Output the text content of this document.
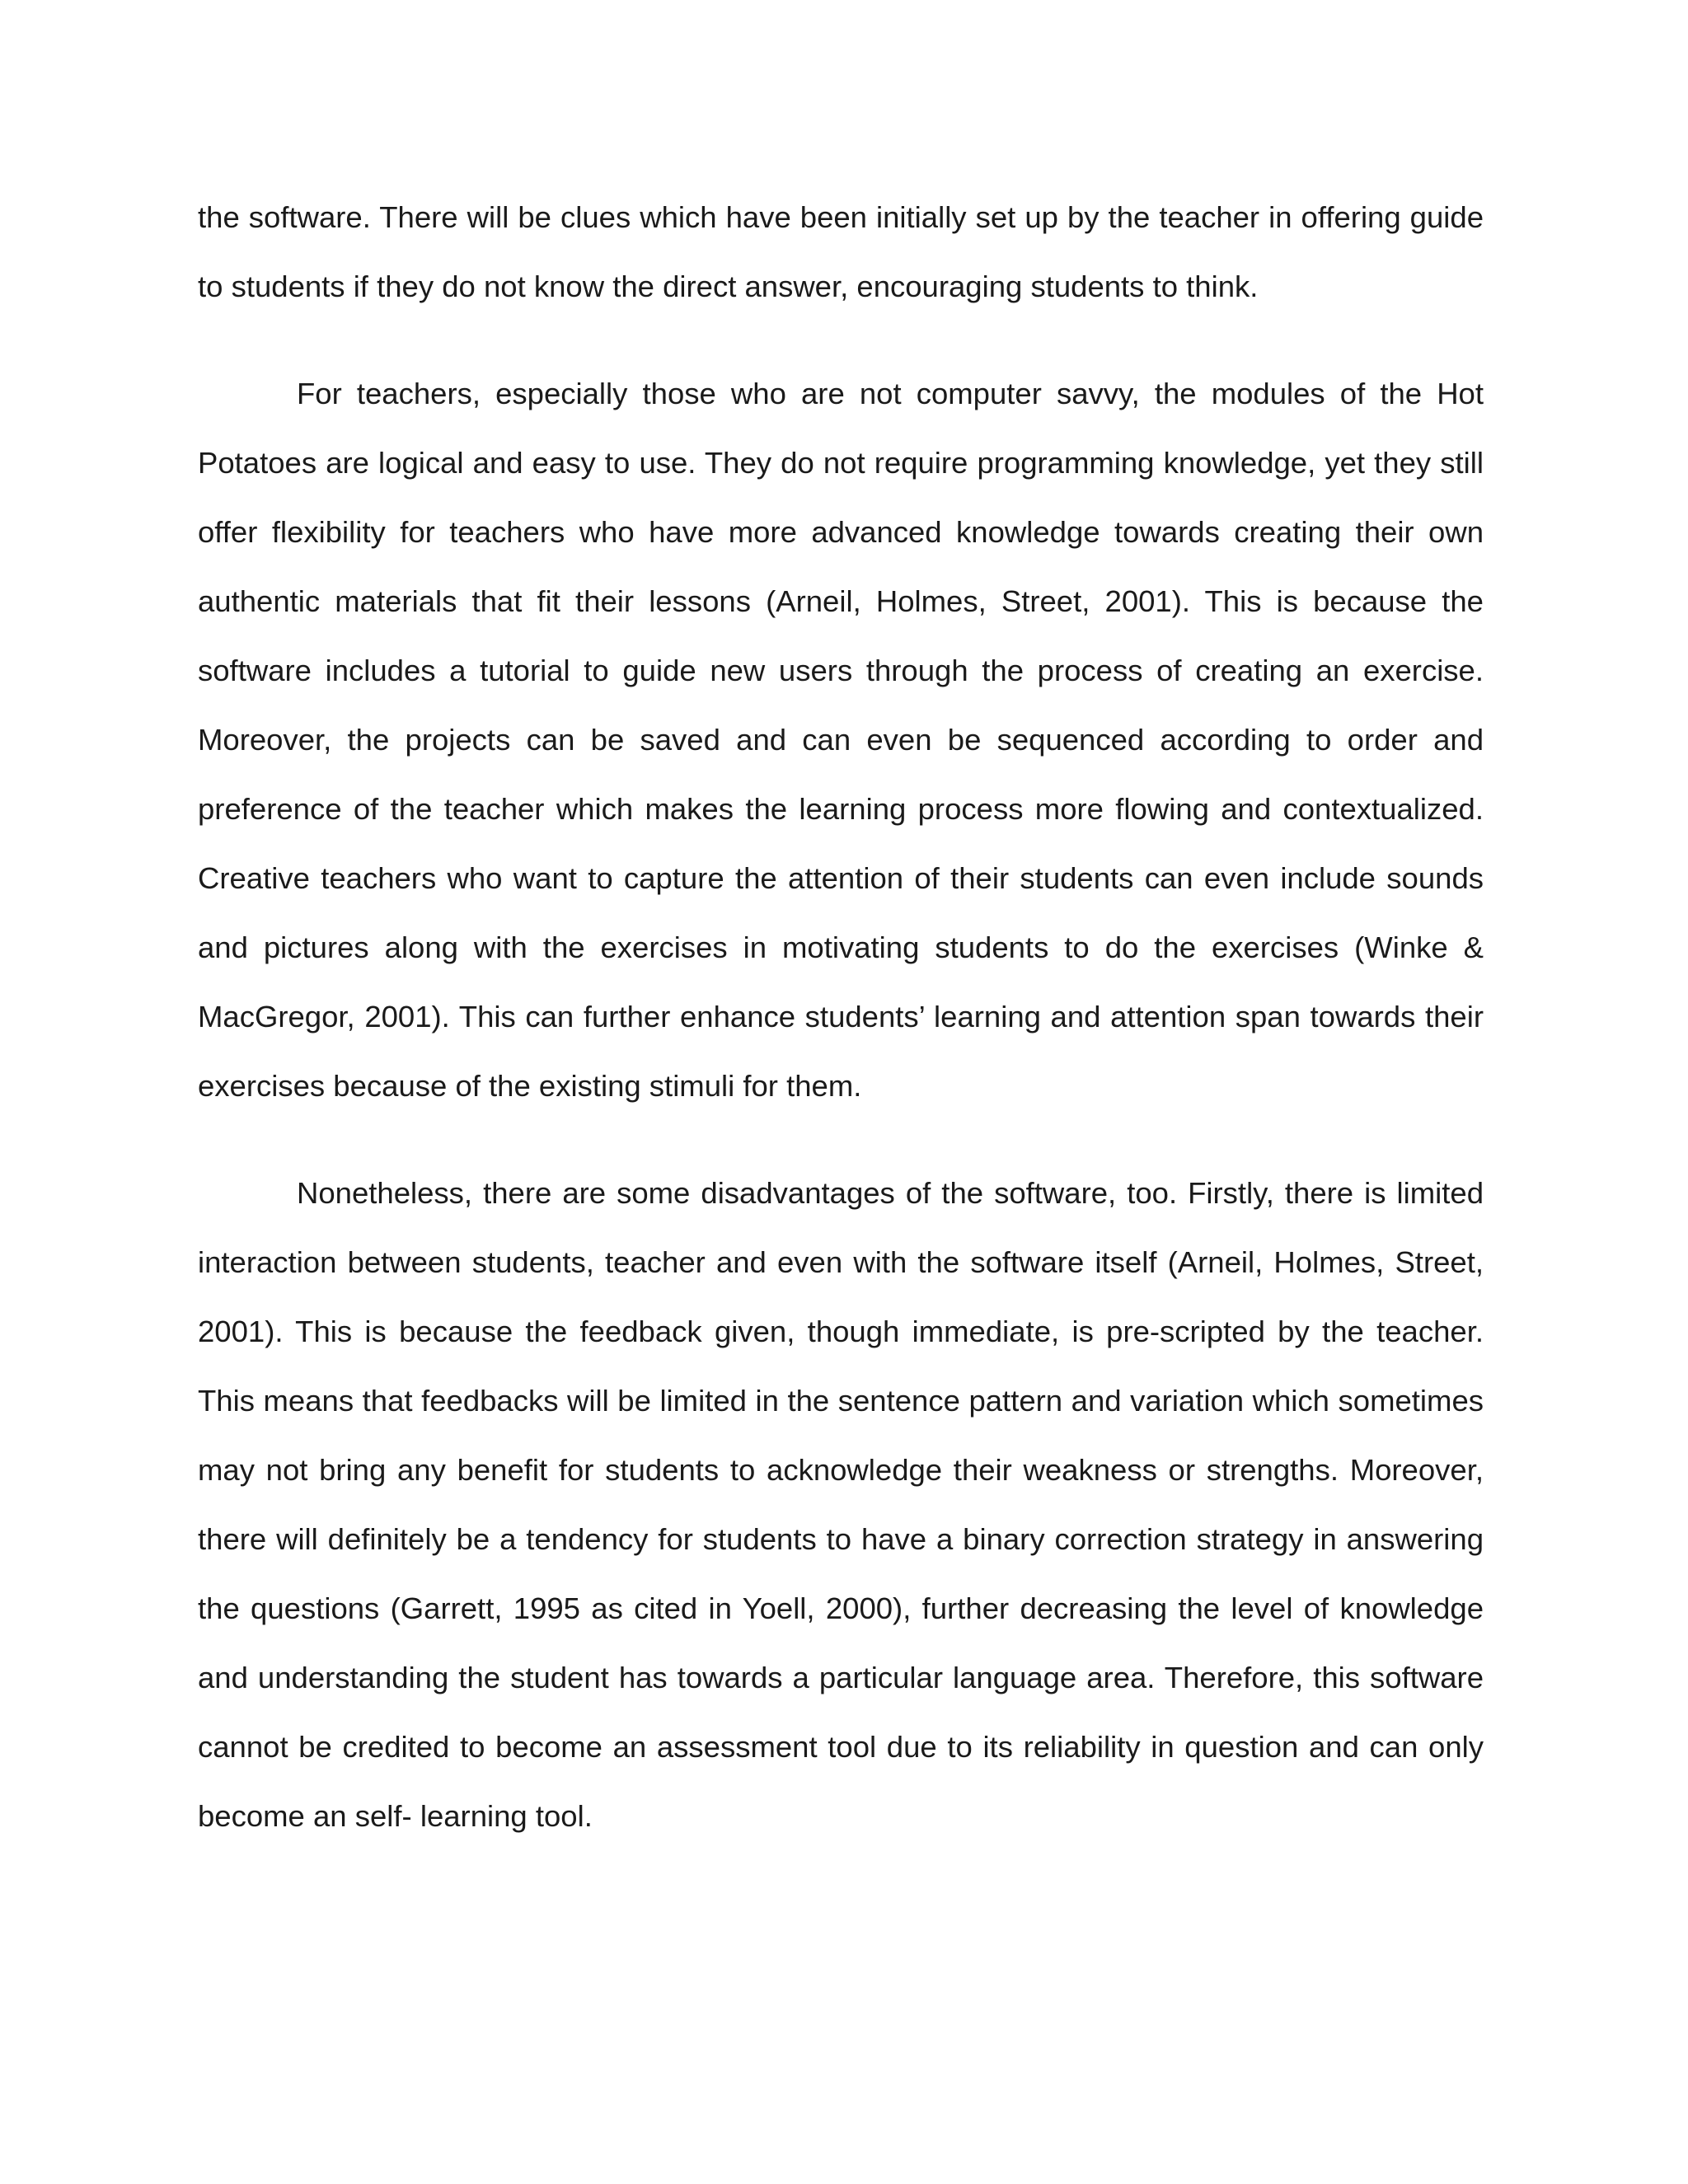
the software. There will be clues which have been initially set up by the teacher in offering guide to students if they do not know the direct answer, encouraging students to think.

For teachers, especially those who are not computer savvy, the modules of the Hot Potatoes are logical and easy to use. They do not require programming knowledge, yet they still offer flexibility for teachers who have more advanced knowledge towards creating their own authentic materials that fit their lessons (Arneil, Holmes, Street, 2001). This is because the software includes a tutorial to guide new users through the process of creating an exercise. Moreover, the projects can be saved and can even be sequenced according to order and preference of the teacher which makes the learning process more flowing and contextualized. Creative teachers who want to capture the attention of their students can even include sounds and pictures along with the exercises in motivating students to do the exercises (Winke & MacGregor, 2001). This can further enhance students’ learning and attention span towards their exercises because of the existing stimuli for them.

Nonetheless, there are some disadvantages of the software, too. Firstly, there is limited interaction between students, teacher and even with the software itself (Arneil, Holmes, Street, 2001). This is because the feedback given, though immediate, is pre-scripted by the teacher. This means that feedbacks will be limited in the sentence pattern and variation which sometimes may not bring any benefit for students to acknowledge their weakness or strengths. Moreover, there will definitely be a tendency for students to have a binary correction strategy in answering the questions (Garrett, 1995 as cited in Yoell, 2000), further decreasing the level of knowledge and understanding the student has towards a particular language area. Therefore, this software cannot be credited to become an assessment tool due to its reliability in question and can only become an self- learning tool.
